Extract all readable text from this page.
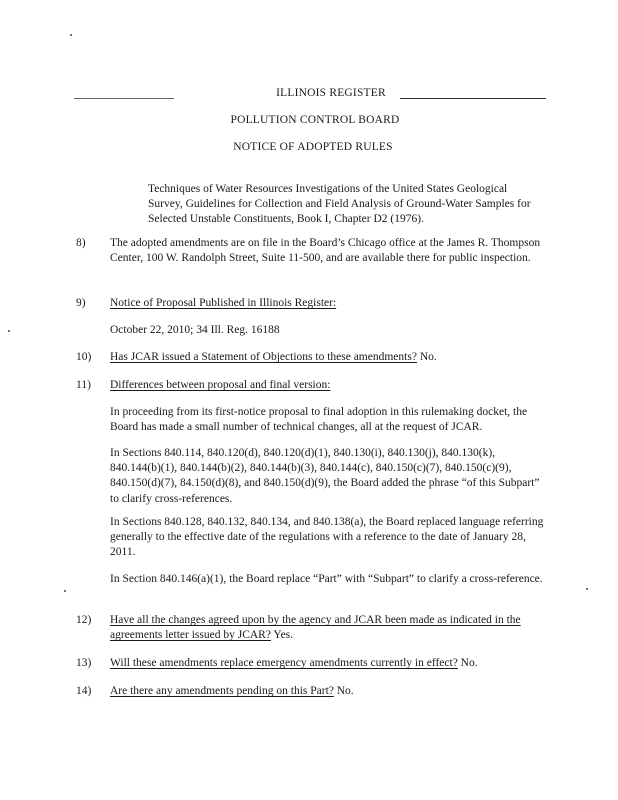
ILLINOIS REGISTER
POLLUTION CONTROL BOARD
NOTICE OF ADOPTED RULES
Techniques of Water Resources Investigations of the United States Geological Survey, Guidelines for Collection and Field Analysis of Ground-Water Samples for Selected Unstable Constituents, Book I, Chapter D2 (1976).
8)	The adopted amendments are on file in the Board’s Chicago office at the James R. Thompson Center, 100 W. Randolph Street, Suite 11-500, and are available there for public inspection.
9)	Notice of Proposal Published in Illinois Register:
October 22, 2010; 34 Ill. Reg. 16188
10)	Has JCAR issued a Statement of Objections to these amendments? No.
11)	Differences between proposal and final version:
In proceeding from its first-notice proposal to final adoption in this rulemaking docket, the Board has made a small number of technical changes, all at the request of JCAR.
In Sections 840.114, 840.120(d), 840.120(d)(1), 840.130(i), 840.130(j), 840.130(k), 840.144(b)(1), 840.144(b)(2), 840.144(b)(3), 840.144(c), 840.150(c)(7), 840.150(c)(9), 840.150(d)(7), 84.150(d)(8), and 840.150(d)(9), the Board added the phrase “of this Subpart” to clarify cross-references.
In Sections 840.128, 840.132, 840.134, and 840.138(a), the Board replaced language referring generally to the effective date of the regulations with a reference to the date of January 28, 2011.
In Section 840.146(a)(1), the Board replace “Part” with “Subpart” to clarify a cross-reference.
12)	Have all the changes agreed upon by the agency and JCAR been made as indicated in the agreements letter issued by JCAR? Yes.
13)	Will these amendments replace emergency amendments currently in effect? No.
14)	Are there any amendments pending on this Part? No.
